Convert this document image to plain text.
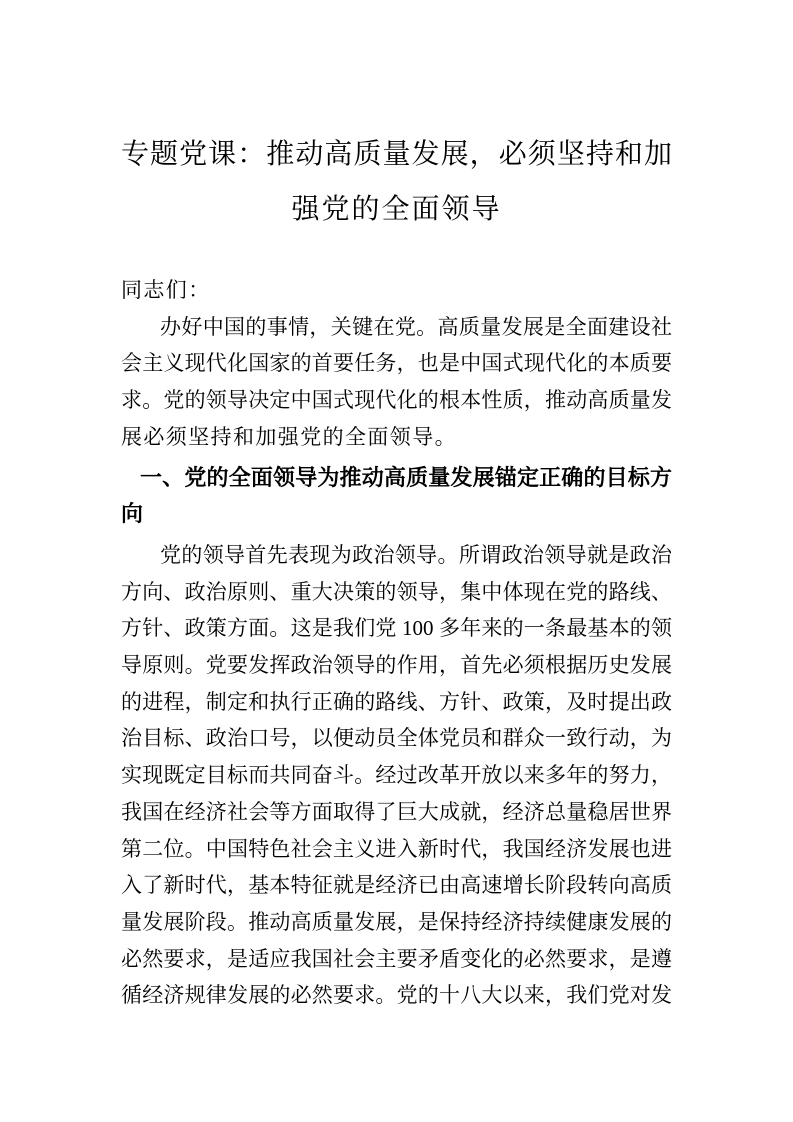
专题党课：推动高质量发展，必须坚持和加
强党的全面领导
同志们：
办好中国的事情，关键在党。高质量发展是全面建设社
会主义现代化国家的首要任务，也是中国式现代化的本质要
求。党的领导决定中国式现代化的根本性质，推动高质量发
展必须坚持和加强党的全面领导。
一、党的全面领导为推动高质量发展锚定正确的目标方
向
党的领导首先表现为政治领导。所谓政治领导就是政治
方向、政治原则、重大决策的领导，集中体现在党的路线、
方针、政策方面。这是我们党 100 多年来的一条最基本的领
导原则。党要发挥政治领导的作用，首先必须根据历史发展
的进程，制定和执行正确的路线、方针、政策，及时提出政
治目标、政治口号，以便动员全体党员和群众一致行动，为
实现既定目标而共同奋斗。经过改革开放以来多年的努力，
我国在经济社会等方面取得了巨大成就，经济总量稳居世界
第二位。中国特色社会主义进入新时代，我国经济发展也进
入了新时代，基本特征就是经济已由高速增长阶段转向高质
量发展阶段。推动高质量发展，是保持经济持续健康发展的
必然要求，是适应我国社会主要矛盾变化的必然要求，是遵
循经济规律发展的必然要求。党的十八大以来，我们党对发
